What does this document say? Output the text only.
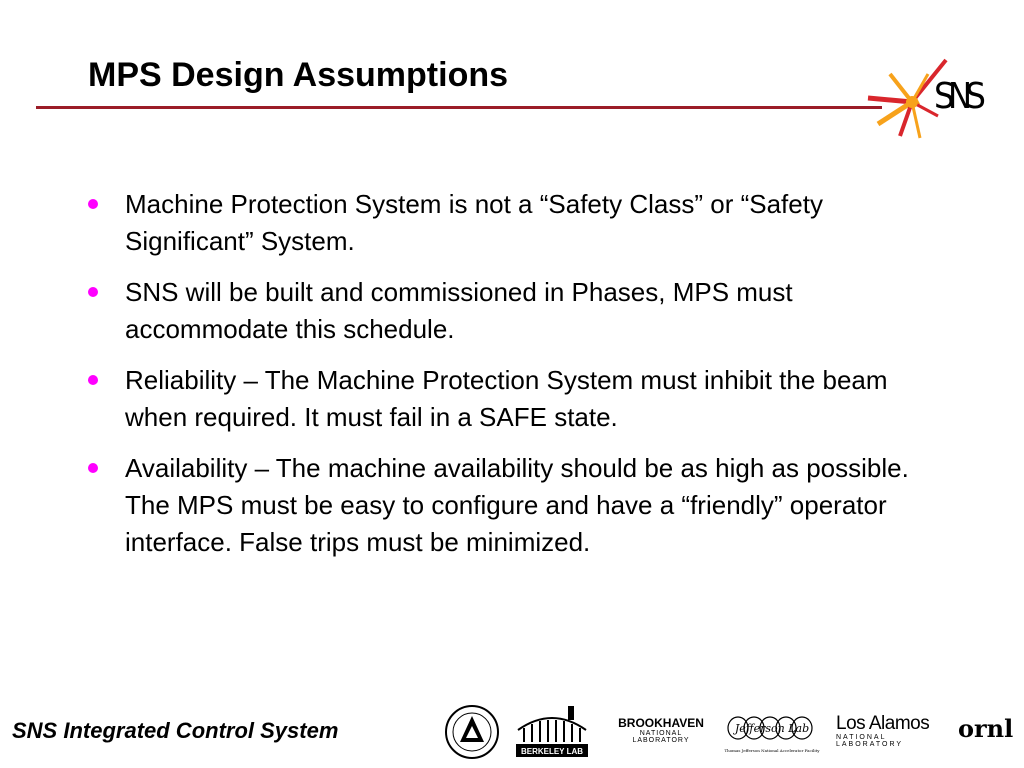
MPS Design Assumptions
SNS
Machine Protection System is not a “Safety Class” or “Safety Significant” System.
SNS will be built and commissioned in Phases, MPS must accommodate this schedule.
Reliability – The Machine Protection System must inhibit the beam when required. It must fail in a SAFE state.
Availability – The machine availability should be as high as possible. The MPS must be easy to configure and have a “friendly” operator interface. False trips must be minimized.

SNS Integrated Control System

BERKELEY LAB
BROOKHAVEN
NATIONAL LABORATORY
Jefferson Lab
Thomas Jefferson National Accelerator Facility
Los Alamos
NATIONAL LABORATORY
ornl
